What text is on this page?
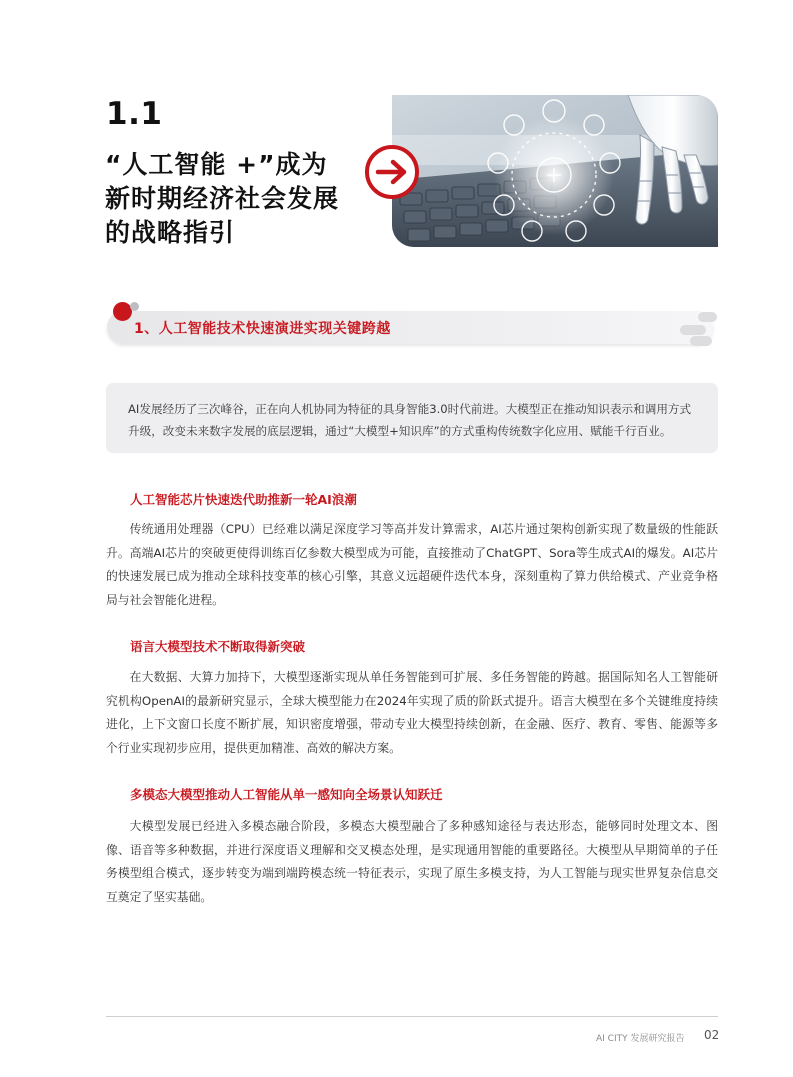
1.1
“人工智能 +”成为
新时期经济社会发展
的战略指引
1、人工智能技术快速演进实现关键跨越

AI发展经历了三次峰谷，正在向人机协同为特征的具身智能3.0时代前进。大模型正在推动知识表示和调用方式升级，改变未来数字发展的底层逻辑，通过“大模型+知识库”的方式重构传统数字化应用、赋能千行百业。

人工智能芯片快速迭代助推新一轮AI浪潮

传统通用处理器（CPU）已经难以满足深度学习等高并发计算需求，AI芯片通过架构创新实现了数量级的性能跃升。高端AI芯片的突破更使得训练百亿参数大模型成为可能，直接推动了ChatGPT、Sora等生成式AI的爆发。AI芯片的快速发展已成为推动全球科技变革的核心引擎，其意义远超硬件迭代本身，深刻重构了算力供给模式、产业竞争格局与社会智能化进程。

语言大模型技术不断取得新突破

在大数据、大算力加持下，大模型逐渐实现从单任务智能到可扩展、多任务智能的跨越。据国际知名人工智能研究机构OpenAI的最新研究显示，全球大模型能力在2024年实现了质的阶跃式提升。语言大模型在多个关键维度持续进化，上下文窗口长度不断扩展，知识密度增强，带动专业大模型持续创新，在金融、医疗、教育、零售、能源等多个行业实现初步应用，提供更加精准、高效的解决方案。

多模态大模型推动人工智能从单一感知向全场景认知跃迁

大模型发展已经进入多模态融合阶段，多模态大模型融合了多种感知途径与表达形态，能够同时处理文本、图像、语音等多种数据，并进行深度语义理解和交叉模态处理，是实现通用智能的重要路径。大模型从早期简单的子任务模型组合模式，逐步转变为端到端跨模态统一特征表示，实现了原生多模支持，为人工智能与现实世界复杂信息交互奠定了坚实基础。

AI CITY 发展研究报告 02
